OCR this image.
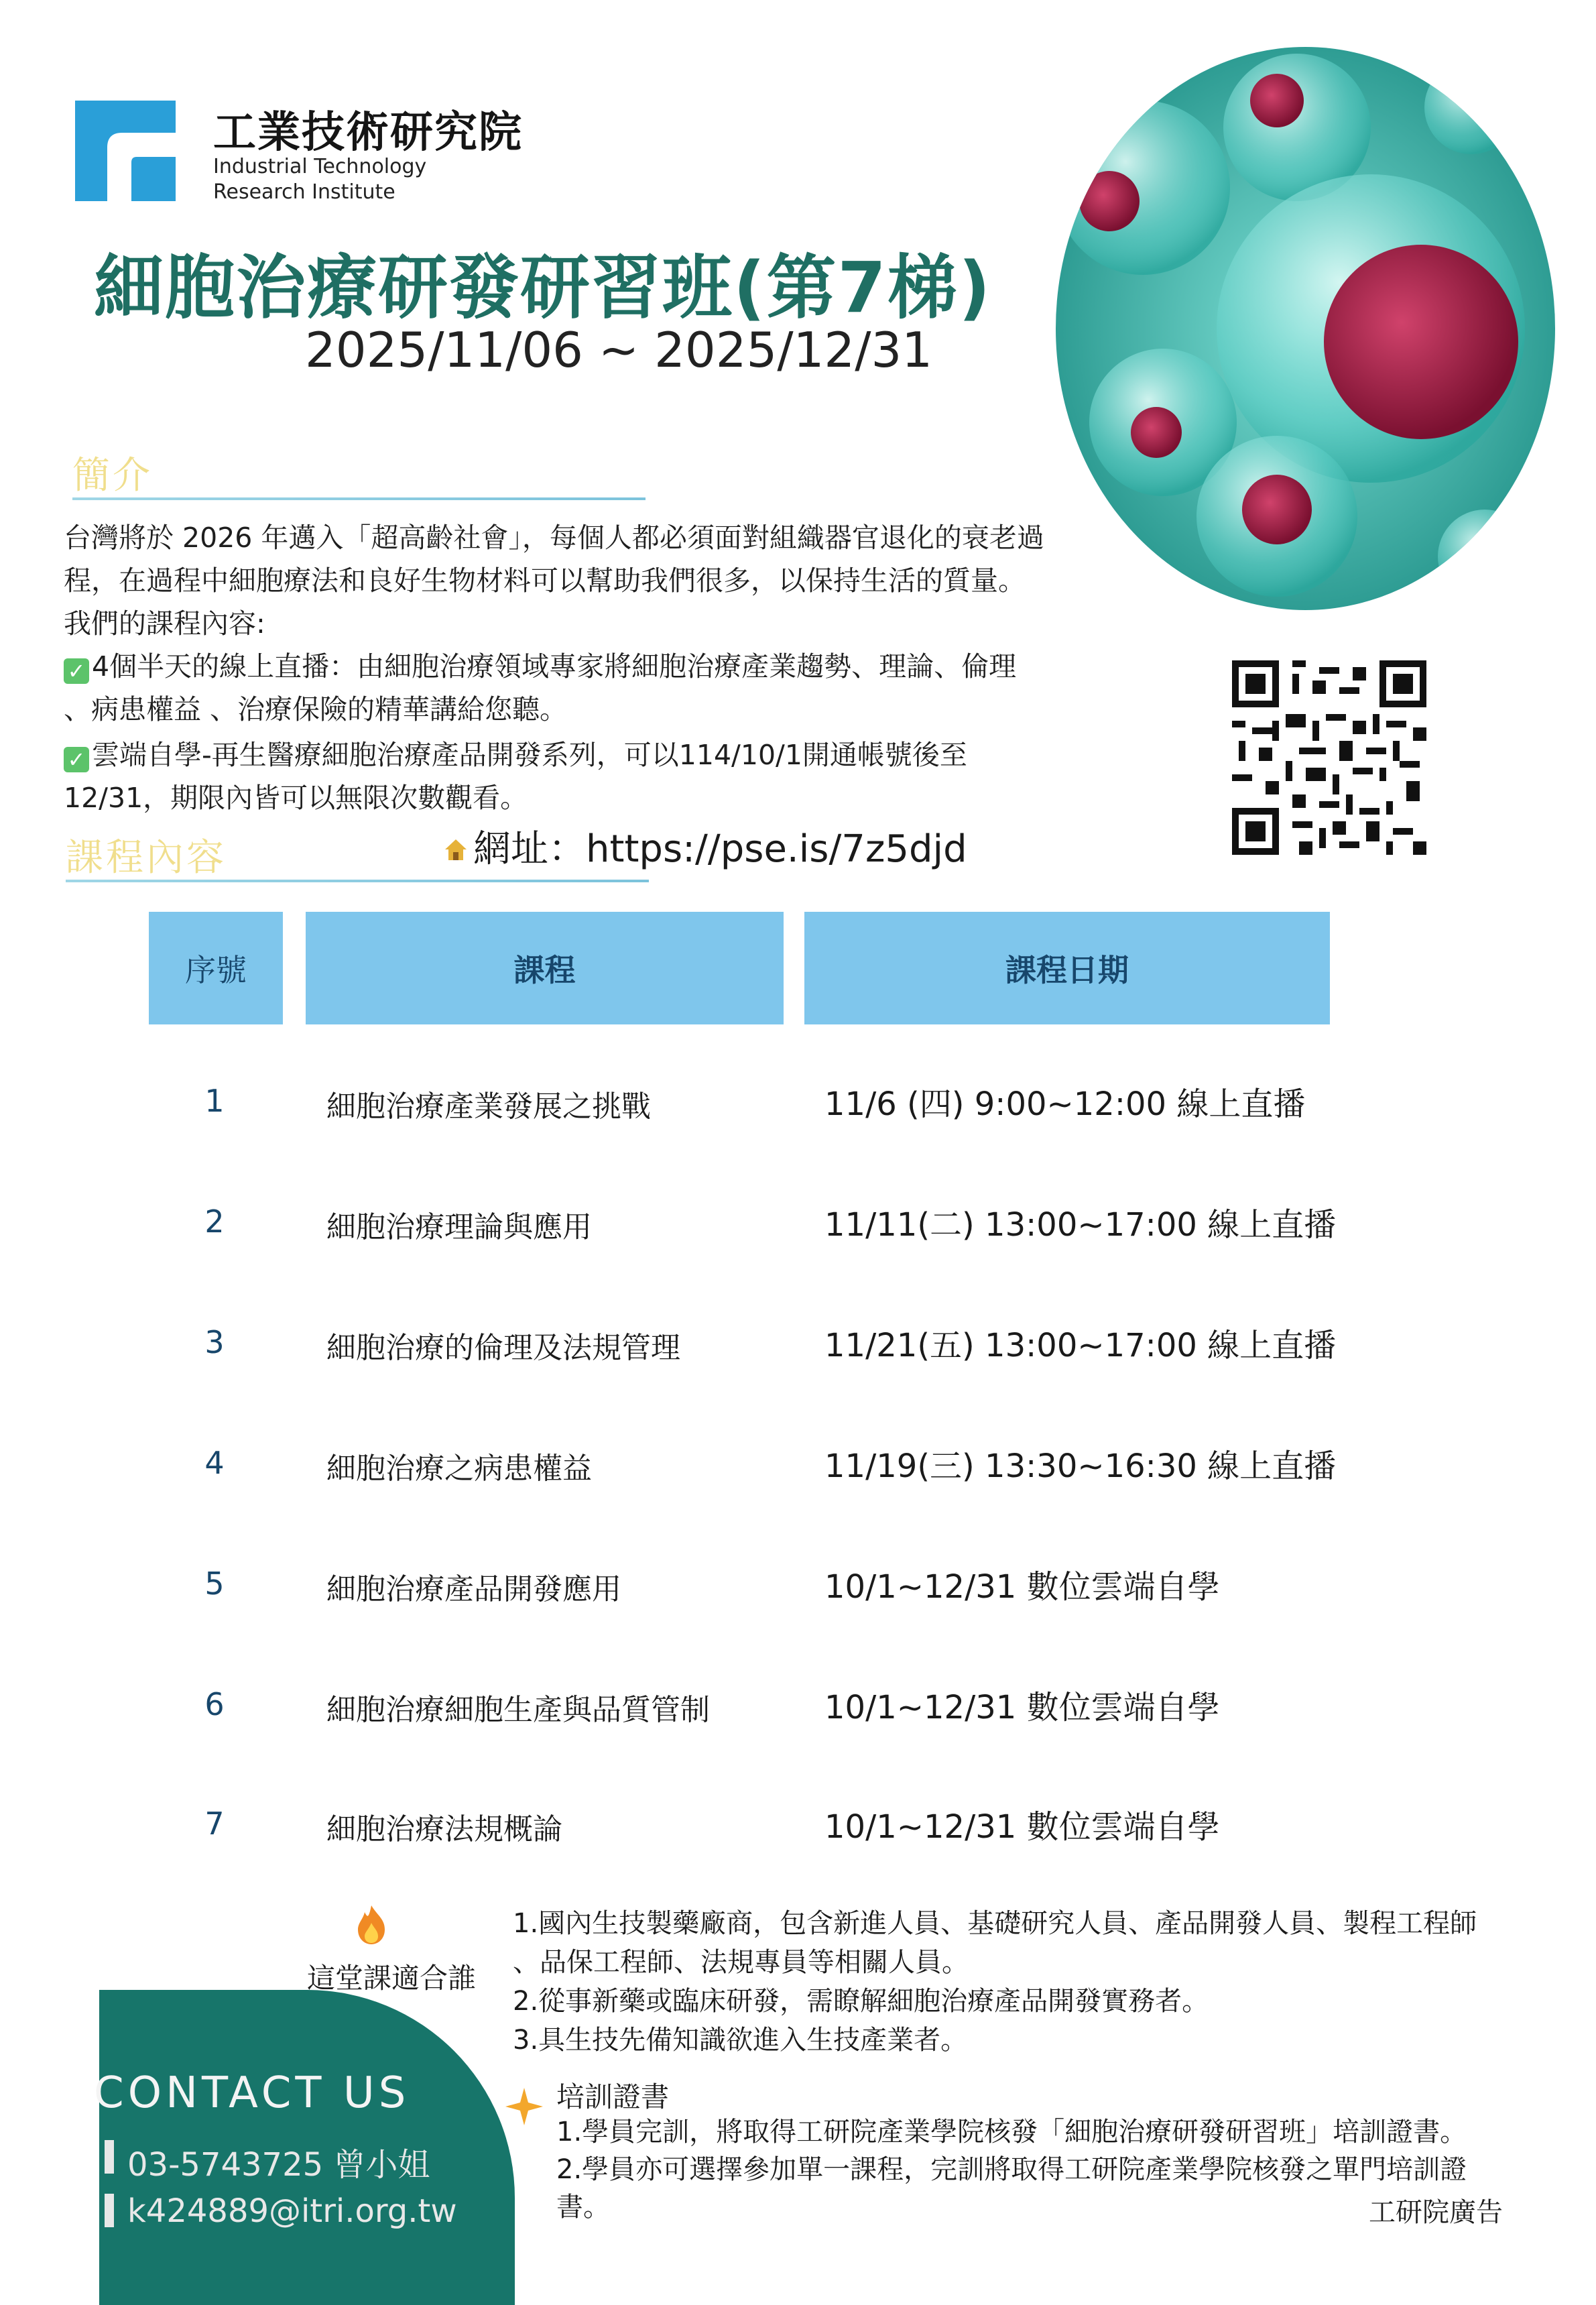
工業技術研究院
Industrial Technology
Research Institute
細胞治療研發研習班(第7梯)
2025/11/06 ~ 2025/12/31
簡介
台灣將於 2026 年邁入「超高齡社會」，每個人都必須面對組織器官退化的衰老過
程，在過程中細胞療法和良好生物材料可以幫助我們很多，以保持生活的質量。
我們的課程內容:
✓ 4個半天的線上直播：由細胞治療領域專家將細胞治療產業趨勢、理論、倫理
、病患權益 、治療保險的精華講給您聽。
✓ 雲端自學-再生醫療細胞治療產品開發系列，可以114/10/1開通帳號後至
12/31，期限內皆可以無限次數觀看。
課程內容	網址：https://pse.is/7z5djd
序號	課程	課程日期
1	細胞治療產業發展之挑戰	11/6 (四) 9:00~12:00 線上直播
2	細胞治療理論與應用	11/11(二) 13:00~17:00 線上直播
3	細胞治療的倫理及法規管理	11/21(五) 13:00~17:00 線上直播
4	細胞治療之病患權益	11/19(三) 13:30~16:30 線上直播
5	細胞治療產品開發應用	10/1~12/31 數位雲端自學
6	細胞治療細胞生產與品質管制	10/1~12/31 數位雲端自學
7	細胞治療法規概論	10/1~12/31 數位雲端自學
這堂課適合誰
1.國內生技製藥廠商，包含新進人員、基礎研究人員、產品開發人員、製程工程師
、品保工程師、法規專員等相關人員。
2.從事新藥或臨床研發，需瞭解細胞治療產品開發實務者。
3.具生技先備知識欲進入生技產業者。
CONTACT US
03-5743725 曾小姐
k424889@itri.org.tw
培訓證書
1.學員完訓，將取得工研院產業學院核發「細胞治療研發研習班」培訓證書。
2.學員亦可選擇參加單一課程，完訓將取得工研院產業學院核發之單門培訓證
書。	工研院廣告
